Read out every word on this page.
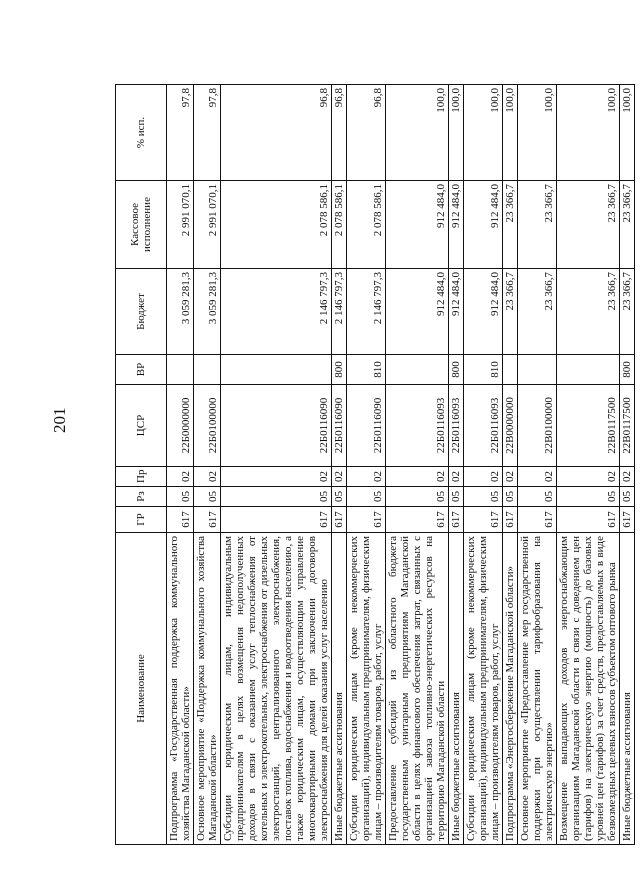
201
Наименование	ГР	Рз	Пр	ЦСР	ВР	Бюджет	Кассовое исполнение	% исп.
Подпрограмма «Государственная поддержка коммунального хозяйства Магаданской области»	617	05	02	22Б0000000		3 059 281,3	2 991 070,1	97,8
Основное мероприятие «Поддержка коммунального хозяйства Магаданской области»	617	05	02	22Б0100000		3 059 281,3	2 991 070,1	97,8
Субсидии юридическим лицам, индивидуальным предпринимателям в целях возмещения недополученных доходов в связи с оказанием услуг теплоснабжения от котельных и электрокотельных, электроснабжения от дизельных электростанций, централизованного электроснабжения, поставок топлива, водоснабжения и водоотведения населению, а также юридическим лицам, осуществляющим управление многоквартирными домами при заключении договоров электроснабжения для целей оказания услуг населению	617	05	02	22Б0116090		2 146 797,3	2 078 586,1	96,8
Иные бюджетные ассигнования	617	05	02	22Б0116090	800	2 146 797,3	2 078 586,1	96,8
Субсидии юридическим лицам (кроме некоммерческих организаций), индивидуальным предпринимателям, физическим лицам – производителям товаров, работ, услуг	617	05	02	22Б0116090	810	2 146 797,3	2 078 586,1	96,8
Предоставление субсидий из областного бюджета государственным унитарным предприятиям Магаданской области в целях финансового обеспечения затрат, связанных с организацией завоза топливно-энергетических ресурсов на территорию Магаданской области	617	05	02	22Б0116093		912 484,0	912 484,0	100,0
Иные бюджетные ассигнования	617	05	02	22Б0116093	800	912 484,0	912 484,0	100,0
Субсидии юридическим лицам (кроме некоммерческих организаций), индивидуальным предпринимателям, физическим лицам – производителям товаров, работ, услуг	617	05	02	22Б0116093	810	912 484,0	912 484,0	100,0
Подпрограмма «Энергосбережение Магаданской области»	617	05	02	22В0000000		23 366,7	23 366,7	100,0
Основное мероприятие «Предоставление мер государственной поддержки при осуществлении тарифообразования на электрическую энергию»	617	05	02	22В0100000		23 366,7	23 366,7	100,0
Возмещение выпадающих доходов энергоснабжающим организациям Магаданской области в связи с доведением цен (тарифов) на электрическую энергию (мощность) до базовых уровней цен (тарифов) за счет средств, предоставляемых в виде безвозмездных целевых взносов субъектом оптового рынка	617	05	02	22В0117500		23 366,7	23 366,7	100,0
Иные бюджетные ассигнования	617	05	02	22В0117500	800	23 366,7	23 366,7	100,0
